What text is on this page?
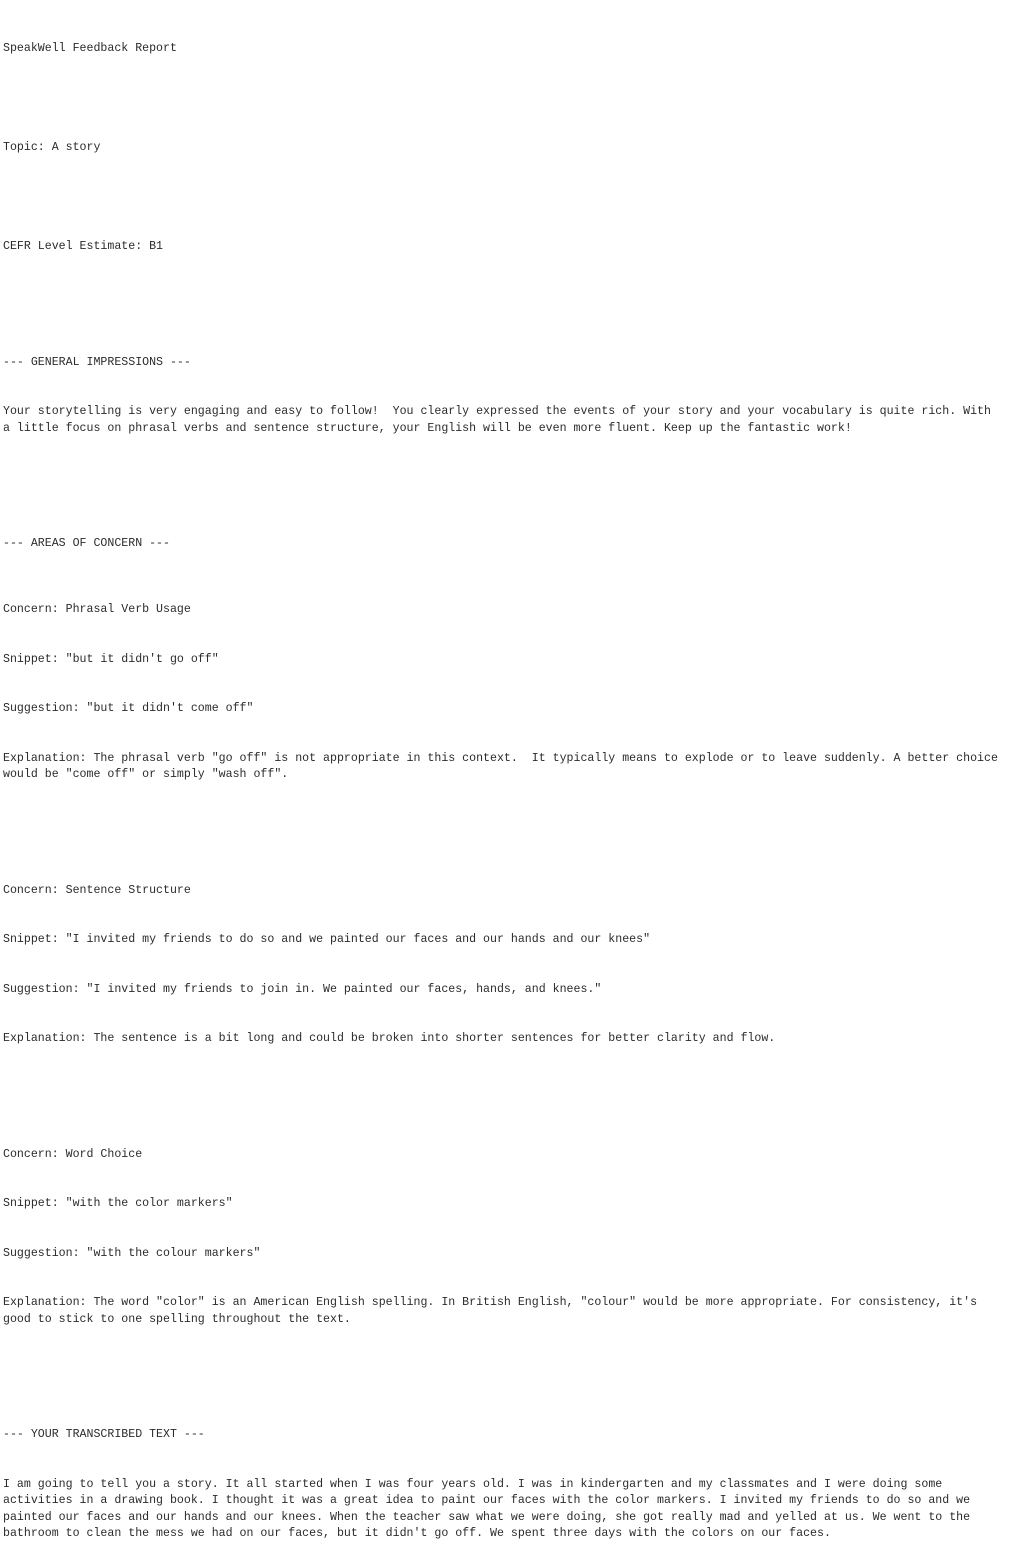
SpeakWell Feedback Report

Topic: A story

CEFR Level Estimate: B1

--- GENERAL IMPRESSIONS ---

Your storytelling is very engaging and easy to follow!  You clearly expressed the events of your story and your vocabulary is quite rich. With a little focus on phrasal verbs and sentence structure, your English will be even more fluent. Keep up the fantastic work!

--- AREAS OF CONCERN ---

Concern: Phrasal Verb Usage

Snippet: "but it didn't go off"

Suggestion: "but it didn't come off"

Explanation: The phrasal verb "go off" is not appropriate in this context.  It typically means to explode or to leave suddenly. A better choice would be "come off" or simply "wash off".

Concern: Sentence Structure

Snippet: "I invited my friends to do so and we painted our faces and our hands and our knees"

Suggestion: "I invited my friends to join in. We painted our faces, hands, and knees."

Explanation: The sentence is a bit long and could be broken into shorter sentences for better clarity and flow.

Concern: Word Choice

Snippet: "with the color markers"

Suggestion: "with the colour markers"

Explanation: The word "color" is an American English spelling. In British English, "colour" would be more appropriate. For consistency, it's good to stick to one spelling throughout the text.

--- YOUR TRANSCRIBED TEXT ---

I am going to tell you a story. It all started when I was four years old. I was in kindergarten and my classmates and I were doing some activities in a drawing book. I thought it was a great idea to paint our faces with the color markers. I invited my friends to do so and we painted our faces and our hands and our knees. When the teacher saw what we were doing, she got really mad and yelled at us. We went to the bathroom to clean the mess we had on our faces, but it didn't go off. We spent three days with the colors on our faces.
